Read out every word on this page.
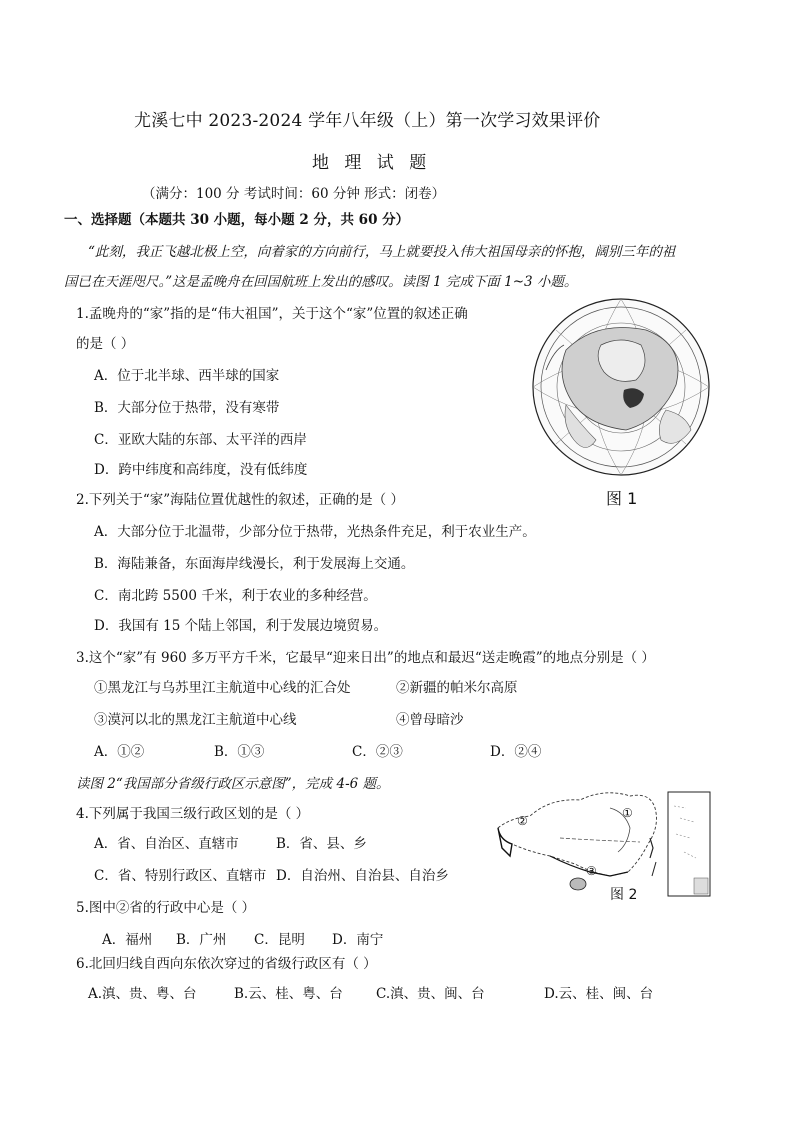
尤溪七中 2023-2024 学年八年级（上）第一次学习效果评价
地 理 试 题
（满分：100 分 考试时间：60 分钟 形式：闭卷）
一、选择题（本题共 30 小题，每小题 2 分，共 60 分）
“此刻，我正飞越北极上空，向着家的方向前行，马上就要投入伟大祖国母亲的怀抱，阔别三年的祖
国已在天涯咫尺。”这是孟晚舟在回国航班上发出的感叹。读图 1 完成下面 1~3 小题。
1.孟晚舟的“家”指的是“伟大祖国”，关于这个“家”位置的叙述正确
的是（ ）
A．位于北半球、西半球的国家
B．大部分位于热带，没有寒带
C．亚欧大陆的东部、太平洋的西岸
D．跨中纬度和高纬度，没有低纬度
图 1
2.下列关于“家”海陆位置优越性的叙述，正确的是（ ）
A．大部分位于北温带，少部分位于热带，光热条件充足，利于农业生产。
B．海陆兼备，东面海岸线漫长，利于发展海上交通。
C．南北跨 5500 千米，利于农业的多种经营。
D．我国有 15 个陆上邻国，利于发展边境贸易。
3.这个“家”有 960 多万平方千米，它最早“迎来日出”的地点和最迟“送走晚霞”的地点分别是（ ）
①黑龙江与乌苏里江主航道中心线的汇合处	②新疆的帕米尔高原
③漠河以北的黑龙江主航道中心线	④曾母暗沙
A．①②	B．①③	C．②③	D．②④
读图 2“我国部分省级行政区示意图”，完成 4-6 题。
②
①
③
图 2
4.下列属于我国三级行政区划的是（ ）
A．省、自治区、直辖市	B．省、县、乡
C．省、特别行政区、直辖市 D．自治州、自治县、自治乡
5.图中②省的行政中心是（ ）
A．福州 B．广州 C．昆明 D．南宁
6.北回归线自西向东依次穿过的省级行政区有（ ）
A.滇、贵、粤、台	B.云、桂、粤、台 C.滇、贵、闽、台	D.云、桂、闽、台
